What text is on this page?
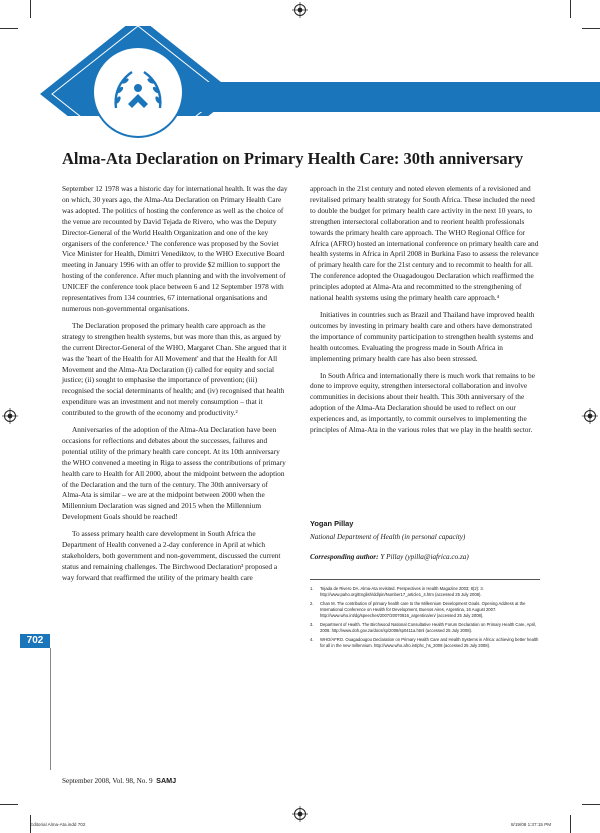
Editorials
Alma-Ata Declaration on Primary Health Care: 30th anniversary

September 12 1978 was a historic day for international health. It was the day on which, 30 years ago, the Alma-Ata Declaration on Primary Health Care was adopted. The politics of hosting the conference as well as the choice of the venue are recounted by David Tejada de Rivero, who was the Deputy Director-General of the World Health Organization and one of the key organisers of the conference.¹ The conference was proposed by the Soviet Vice Minister for Health, Dimitri Venediktov, to the WHO Executive Board meeting in January 1996 with an offer to provide $2 million to support the hosting of the conference. After much planning and with the involvement of UNICEF the conference took place between 6 and 12 September 1978 with representatives from 134 countries, 67 international organisations and numerous non-governmental organisations.

The Declaration proposed the primary health care approach as the strategy to strengthen health systems, but was more than this, as argued by the current Director-General of the WHO, Margaret Chan. She argued that it was the 'heart of the Health for All Movement' and that the Health for All Movement and the Alma-Ata Declaration (i) called for equity and social justice; (ii) sought to emphasise the importance of prevention; (iii) recognised the social determinants of health; and (iv) recognised that health expenditure was an investment and not merely consumption – that it contributed to the growth of the economy and productivity.²

Anniversaries of the adoption of the Alma-Ata Declaration have been occasions for reflections and debates about the successes, failures and potential utility of the primary health care concept. At its 10th anniversary the WHO convened a meeting in Riga to assess the contributions of primary health care to Health for All 2000, about the midpoint between the adoption of the Declaration and the turn of the century. The 30th anniversary of Alma-Ata is similar – we are at the midpoint between 2000 when the Millennium Declaration was signed and 2015 when the Millennium Development Goals should be reached!

To assess primary health care development in South Africa the Department of Health convened a 2-day conference in April at which stakeholders, both government and non-government, discussed the current status and remaining challenges. The Birchwood Declaration³ proposed a way forward that reaffirmed the utility of the primary health care

approach in the 21st century and noted eleven elements of a revisioned and revitalised primary health strategy for South Africa. These included the need to double the budget for primary health care activity in the next 10 years, to strengthen intersectoral collaboration and to reorient health professionals towards the primary health care approach. The WHO Regional Office for Africa (AFRO) hosted an international conference on primary health care and health systems in Africa in April 2008 in Burkina Faso to assess the relevance of primary health care for the 21st century and to recommit to health for all. The conference adopted the Ouagadougou Declaration which reaffirmed the principles adopted at Alma-Ata and recommitted to the strengthening of national health systems using the primary health care approach.⁴

Initiatives in countries such as Brazil and Thailand have improved health outcomes by investing in primary health care and others have demonstrated the importance of community participation to strengthen health systems and health outcomes. Evaluating the progress made in South Africa in implementing primary health care has also been stressed.

In South Africa and internationally there is much work that remains to be done to improve equity, strengthen intersectoral collaboration and involve communities in decisions about their health. This 30th anniversary of the adoption of the Alma-Ata Declaration should be used to reflect on our experiences and, as importantly, to commit ourselves to implementing the principles of Alma-Ata in the various roles that we play in the health sector.

Yogan Pillay

National Department of Health (in personal capacity)

Corresponding author: Y Pillay (ypilla@iafrica.co.za)

1. Tejada de Rivero DA. Alma-Ata revisited. Perspectives in Health Magazine 2003; 8(2): 3. http://www.paho.org/English/dd/pin/Number17_article1_4.htm (accessed 25 July 2008).
2. Chan M. The contribution of primary health care to the Millennium Development Goals. Opening Address at the International Conference on Health for Development, Buenos Aires, Argentina, 16 August 2007. http://www.who.int/dg/speeches/2007/20070816_argentina/en/ (accessed 25 July 2008).
3. Department of Health. The Birchwood National Consultative Health Forum Declaration on Primary Health Care, April, 2008. http://www.doh.gov.za/docs/sp/2008/sp0411a.html (accessed 25 July 2008).
4. WHO/AFRO. Ouagadougou Declaration on Primary Health Care and Health Systems in Africa: achieving better health for all in the new millennium. http://www.who.afro.int/phc_hs_2008 (accessed 25 July 2008).
702
September 2008, Vol. 98, No. 9 SAMJ
Editorial Alma-Ata.indd 702	8/19/08 1:37:15 PM
